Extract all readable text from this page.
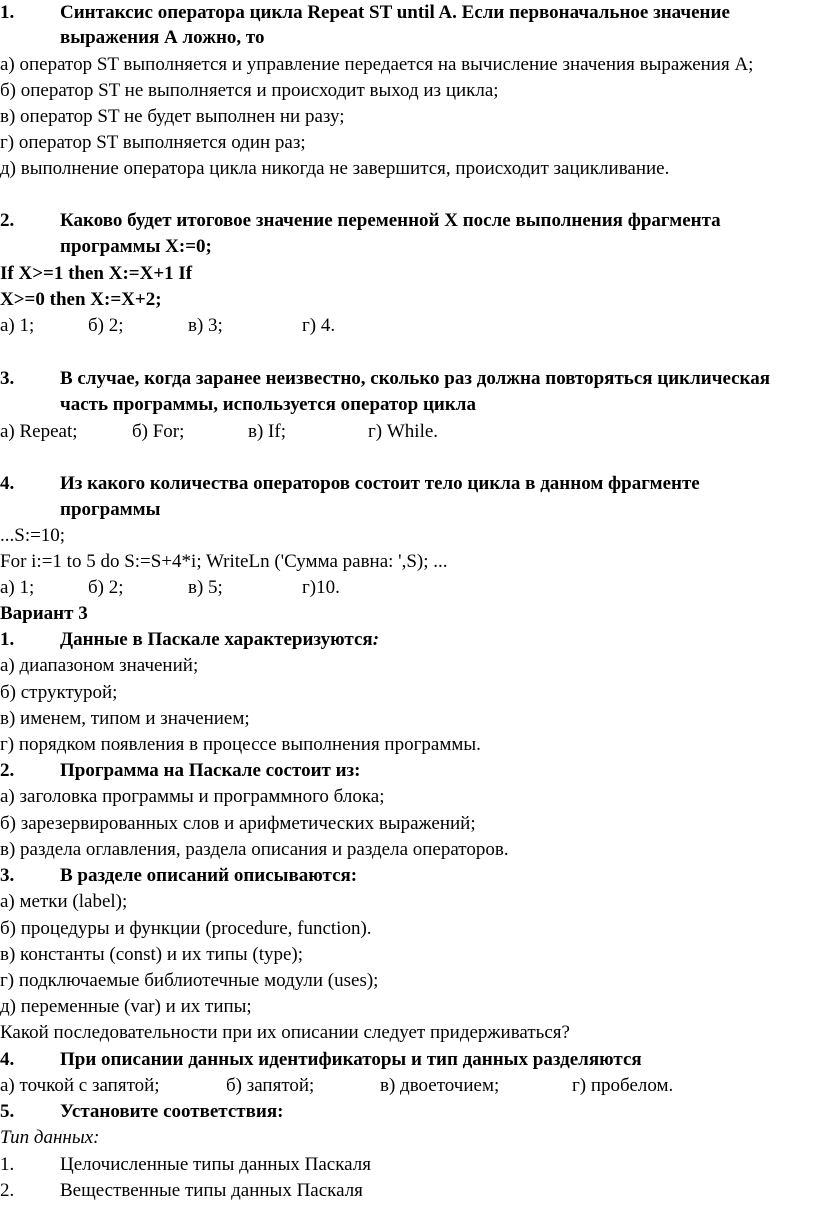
1. Синтаксис оператора цикла Repeat ST until A. Если первоначальное значение
выражения А ложно, то
а) оператор ST выполняется и управление передается на вычисление значения выражения А;
б) оператор ST не выполняется и происходит выход из цикла;
в) оператор ST не будет выполнен ни разу;
г) оператор ST выполняется один раз;
д) выполнение оператора цикла никогда не завершится, происходит зацикливание.
2. Каково будет итоговое значение переменной X после выполнения фрагмента
программы X:=0;
If X>=1 then X:=X+1 If
X>=0 then X:=X+2;
а) 1;	б) 2;	в) 3;	г) 4.
3. В случае, когда заранее неизвестно, сколько раз должна повторяться циклическая
часть программы, используется оператор цикла
а) Repeat;	б) For;	в) If;	г) While.
4. Из какого количества операторов состоит тело цикла в данном фрагменте
программы
...S:=10;
For i:=1 to 5 do S:=S+4*i; WriteLn ('Сумма равна: ',S); ...
а) 1;	б) 2;	в) 5;	г)10.
Вариант 3
1. Данные в Паскале характеризуются:
а) диапазоном значений;
б) структурой;
в) именем, типом и значением;
г) порядком появления в процессе выполнения программы.
2. Программа на Паскале состоит из:
а) заголовка программы и программного блока;
б) зарезервированных слов и арифметических выражений;
в) раздела оглавления, раздела описания и раздела операторов.
3. В разделе описаний описываются:
а) метки (label);
б) процедуры и функции (procedure, function).
в) константы (const) и их типы (type);
г) подключаемые библиотечные модули (uses);
д) переменные (var) и их типы;
Какой последовательности при их описании следует придерживаться?
4. При описании данных идентификаторы и тип данных разделяются
а) точкой с запятой;	б) запятой;	в) двоеточием;	г) пробелом.
5. Установите соответствия:
Тип данных:
1. Целочисленные типы данных Паскаля
2. Вещественные типы данных Паскаля
